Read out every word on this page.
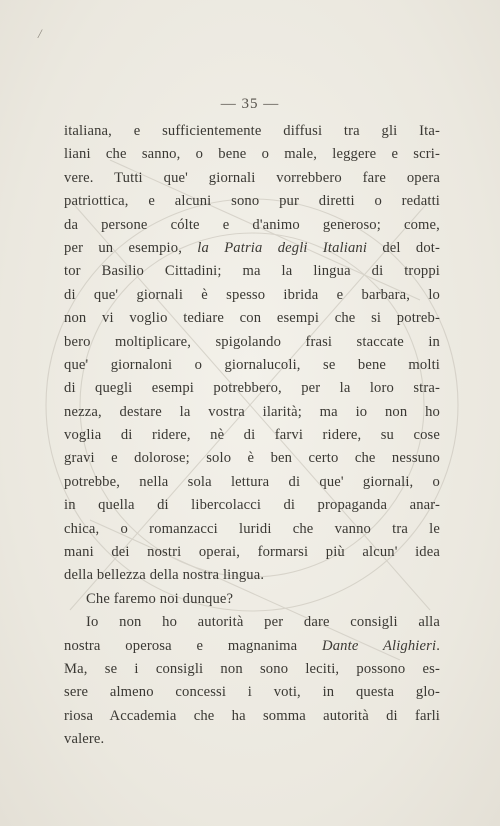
/
— 35 —
italiana, e sufficientemente diffusi tra gli Ita-
liani che sanno, o bene o male, leggere e scri-
vere. Tutti que' giornali vorrebbero fare opera
patriottica, e alcuni sono pur diretti o redatti
da persone cólte e d'animo generoso; come,
per un esempio, la Patria degli Italiani del dot-
tor Basilio Cittadini; ma la lingua di troppi
di que' giornali è spesso ibrida e barbara, lo
non vi voglio tediare con esempi che si potreb-
bero moltiplicare, spigolando frasi staccate in
que' giornaloni o giornalucoli, se bene molti
di quegli esempi potrebbero, per la loro stra-
nezza, destare la vostra ilarità; ma io non ho
voglia di ridere, nè di farvi ridere, su cose
gravi e dolorose; solo è ben certo che nessuno
potrebbe, nella sola lettura di que' giornali, o
in quella di libercolacci di propaganda anar-
chica, o romanzacci luridi che vanno tra le
mani dei nostri operai, formarsi più alcun' idea
della bellezza della nostra lingua.
Che faremo noi dunque?
Io non ho autorità per dare consigli alla
nostra operosa e magnanima Dante Alighieri.
Ma, se i consigli non sono leciti, possono es-
sere almeno concessi i voti, in questa glo-
riosa Accademia che ha somma autorità di farli
valere.
